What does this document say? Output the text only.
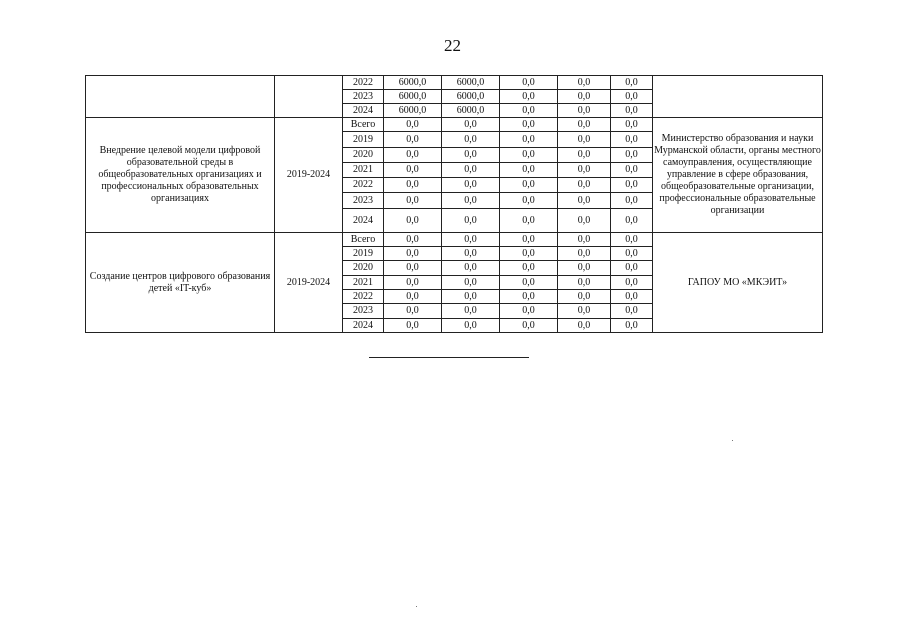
22
		2022	6000,0	6000,0	0,0	0,0	0,0	
		2023	6000,0	6000,0	0,0	0,0	0,0	
		2024	6000,0	6000,0	0,0	0,0	0,0	
Внедрение целевой модели цифровой образовательной среды в общеобразовательных организациях и профессиональных образовательных организациях	2019-2024	Всего	0,0	0,0	0,0	0,0	0,0	Министерство образования и науки Мурманской области, органы местного самоуправления, осуществляющие управление в сфере образования, общеобразовательные организации, профессиональные образовательные организации
		2019	0,0	0,0	0,0	0,0	0,0	
		2020	0,0	0,0	0,0	0,0	0,0	
		2021	0,0	0,0	0,0	0,0	0,0	
		2022	0,0	0,0	0,0	0,0	0,0	
		2023	0,0	0,0	0,0	0,0	0,0	
		2024	0,0	0,0	0,0	0,0	0,0	
Создание центров цифрового образования детей «IT-куб»	2019-2024	Всего	0,0	0,0	0,0	0,0	0,0	ГАПОУ МО «МКЭИТ»
		2019	0,0	0,0	0,0	0,0	0,0	
		2020	0,0	0,0	0,0	0,0	0,0	
		2021	0,0	0,0	0,0	0,0	0,0	
		2022	0,0	0,0	0,0	0,0	0,0	
		2023	0,0	0,0	0,0	0,0	0,0	
		2024	0,0	0,0	0,0	0,0	0,0	
